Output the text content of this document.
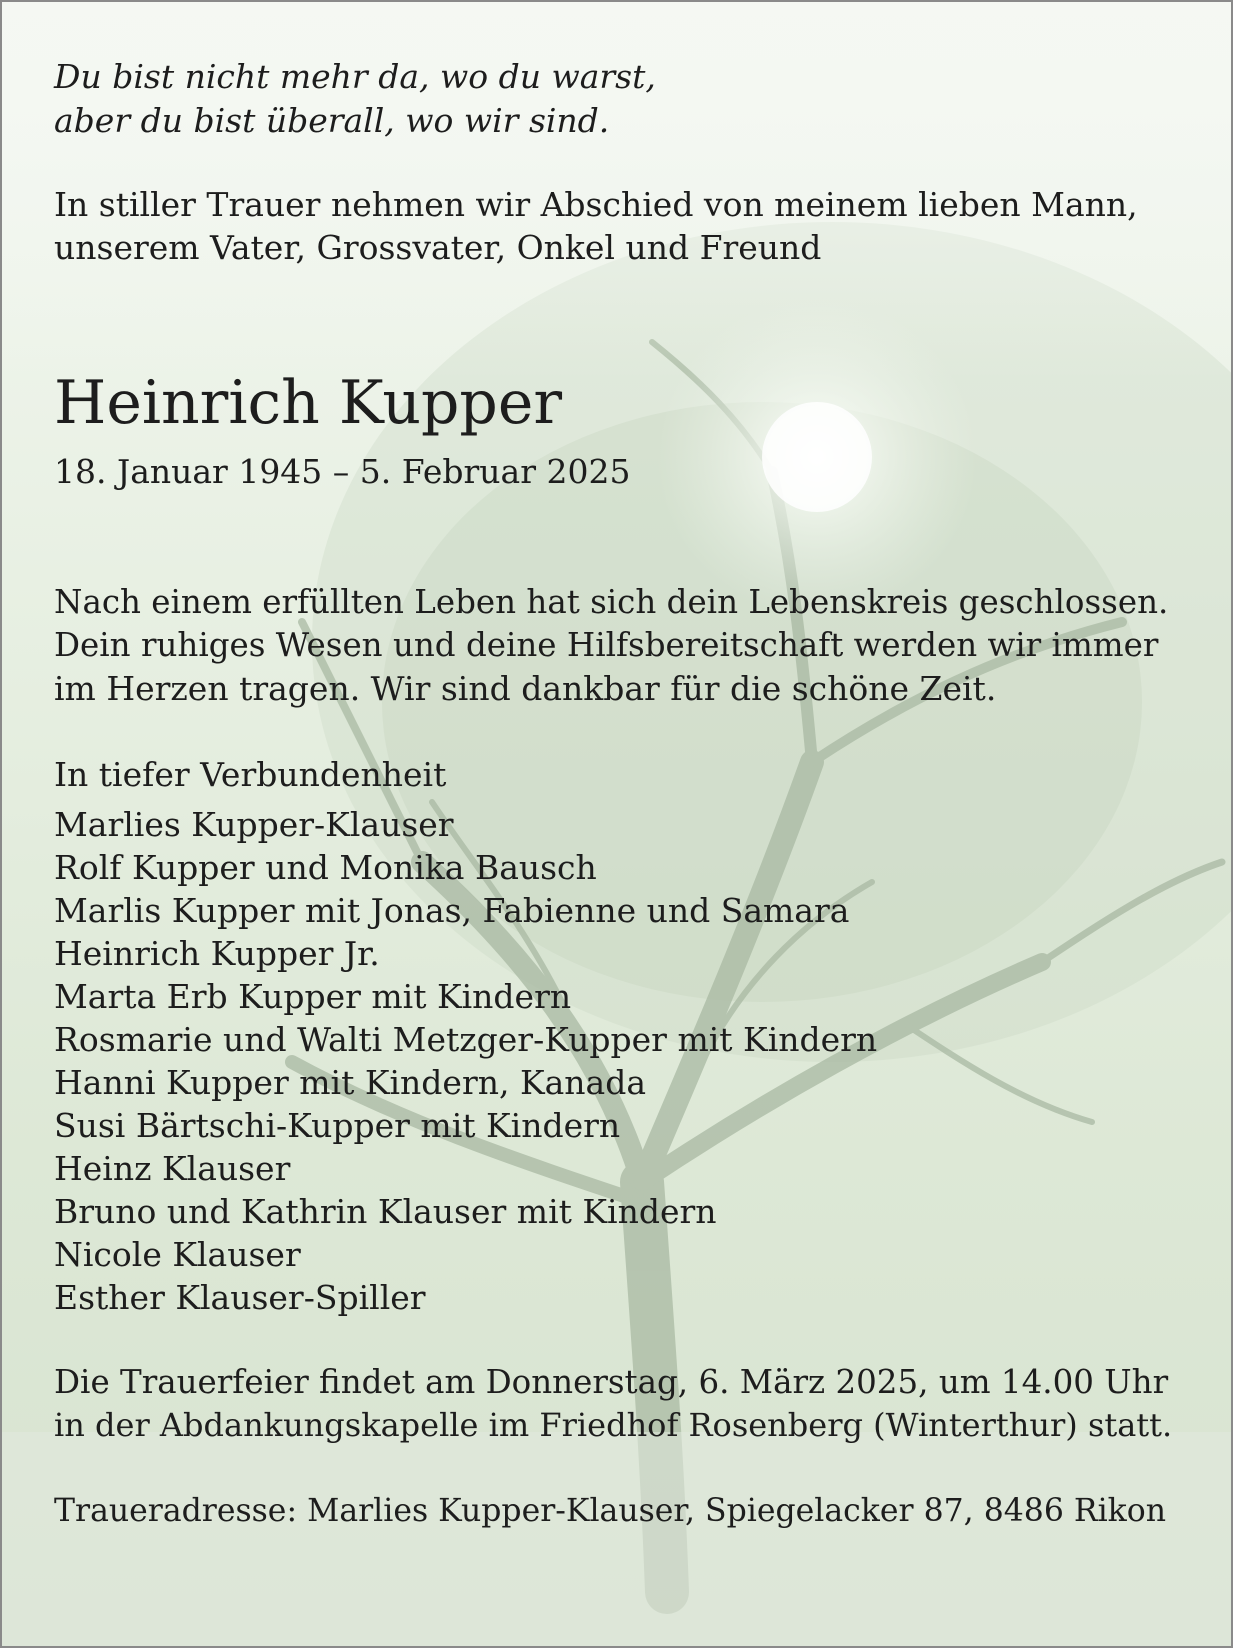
Du bist nicht mehr da, wo du warst,
aber du bist überall, wo wir sind.
In stiller Trauer nehmen wir Abschied von meinem lieben Mann,
unserem Vater, Grossvater, Onkel und Freund
Heinrich Kupper
18. Januar 1945 – 5. Februar 2025
Nach einem erfüllten Leben hat sich dein Lebenskreis geschlossen.
Dein ruhiges Wesen und deine Hilfsbereitschaft werden wir immer
im Herzen tragen. Wir sind dankbar für die schöne Zeit.
In tiefer Verbundenheit
Marlies Kupper-Klauser
Rolf Kupper und Monika Bausch
Marlis Kupper mit Jonas, Fabienne und Samara
Heinrich Kupper Jr.
Marta Erb Kupper mit Kindern
Rosmarie und Walti Metzger-Kupper mit Kindern
Hanni Kupper mit Kindern, Kanada
Susi Bärtschi-Kupper mit Kindern
Heinz Klauser
Bruno und Kathrin Klauser mit Kindern
Nicole Klauser
Esther Klauser-Spiller
Die Trauerfeier findet am Donnerstag, 6. März 2025, um 14.00 Uhr
in der Abdankungskapelle im Friedhof Rosenberg (Winterthur) statt.
Traueradresse: Marlies Kupper-Klauser, Spiegelacker 87, 8486 Rikon
